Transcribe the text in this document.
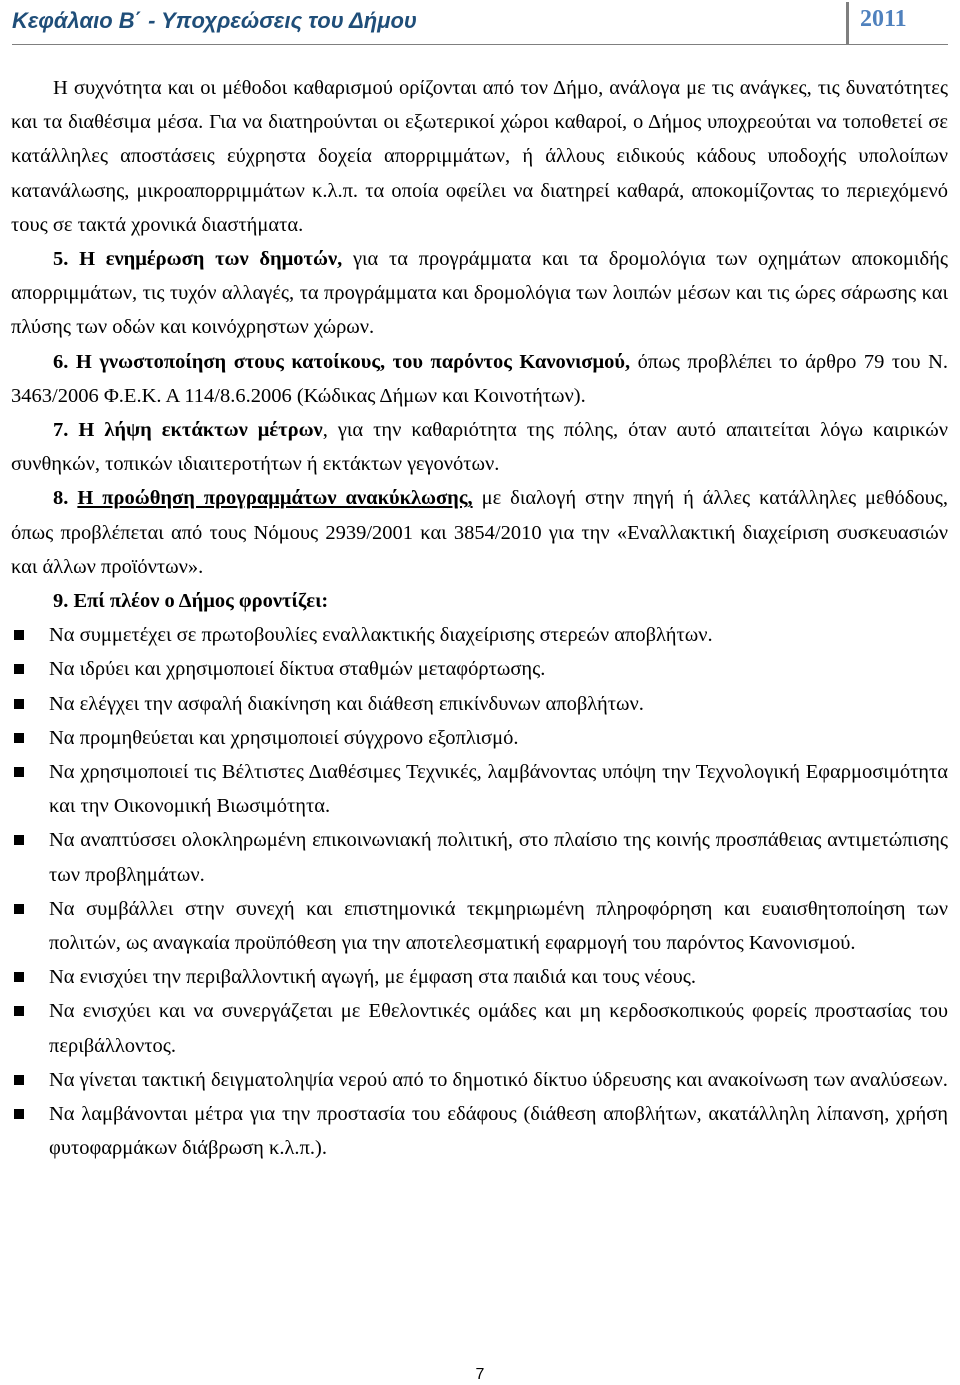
Κεφάλαιο Β΄ - Υποχρεώσεις του Δήμου	2011

Η συχνότητα και οι μέθοδοι καθαρισμού ορίζονται από τον Δήμο, ανάλογα με τις ανάγκες, τις δυνατότητες και τα διαθέσιμα μέσα. Για να διατηρούνται οι εξωτερικοί χώροι καθαροί, ο Δήμος υποχρεούται να τοποθετεί σε κατάλληλες αποστάσεις εύχρηστα δοχεία απορριμμάτων, ή άλλους ειδικούς κάδους υποδοχής υπολοίπων κατανάλωσης, μικροαπορριμμάτων κ.λ.π. τα οποία οφείλει να διατηρεί καθαρά, αποκομίζοντας το περιεχόμενό τους σε τακτά χρονικά διαστήματα.

5. Η ενημέρωση των δημοτών, για τα προγράμματα και τα δρομολόγια των οχημάτων αποκομιδής απορριμμάτων, τις τυχόν αλλαγές, τα προγράμματα και δρομολόγια των λοιπών μέσων και τις ώρες σάρωσης και πλύσης των οδών και κοινόχρηστων χώρων.

6. Η γνωστοποίηση στους κατοίκους, του παρόντος Κανονισμού, όπως προβλέπει το άρθρο 79 του Ν. 3463/2006 Φ.Ε.Κ. Α 114/8.6.2006 (Κώδικας Δήμων και Κοινοτήτων).

7. Η λήψη εκτάκτων μέτρων, για την καθαριότητα της πόλης, όταν αυτό απαιτείται λόγω καιρικών συνθηκών, τοπικών ιδιαιτεροτήτων ή εκτάκτων γεγονότων.

8. Η προώθηση προγραμμάτων ανακύκλωσης, με διαλογή στην πηγή ή άλλες κατάλληλες μεθόδους, όπως προβλέπεται από τους Νόμους 2939/2001 και 3854/2010 για την «Εναλλακτική διαχείριση συσκευασιών και άλλων προϊόντων».

9. Επί πλέον ο Δήμος φροντίζει:

Να συμμετέχει σε πρωτοβουλίες εναλλακτικής διαχείρισης στερεών αποβλήτων.
Να ιδρύει και χρησιμοποιεί δίκτυα σταθμών μεταφόρτωσης.
Να ελέγχει την ασφαλή διακίνηση και διάθεση επικίνδυνων αποβλήτων.
Να προμηθεύεται και χρησιμοποιεί σύγχρονο εξοπλισμό.
Να χρησιμοποιεί τις Βέλτιστες Διαθέσιμες Τεχνικές, λαμβάνοντας υπόψη την Τεχνολογική Εφαρμοσιμότητα και την Οικονομική Βιωσιμότητα.
Να αναπτύσσει ολοκληρωμένη επικοινωνιακή πολιτική, στο πλαίσιο της κοινής προσπάθειας αντιμετώπισης των προβλημάτων.
Να συμβάλλει στην συνεχή και επιστημονικά τεκμηριωμένη πληροφόρηση και ευαισθητοποίηση των πολιτών, ως αναγκαία προϋπόθεση για την αποτελεσματική εφαρμογή του παρόντος Κανονισμού.
Να ενισχύει την περιβαλλοντική αγωγή, με έμφαση στα παιδιά και τους νέους.
Να ενισχύει και να συνεργάζεται με Εθελοντικές ομάδες και μη κερδοσκοπικούς φορείς προστασίας του περιβάλλοντος.
Να γίνεται τακτική δειγματοληψία νερού από το δημοτικό δίκτυο ύδρευσης και ανακοίνωση των αναλύσεων.
Να λαμβάνονται μέτρα για την προστασία του εδάφους (διάθεση αποβλήτων, ακατάλληλη λίπανση, χρήση φυτοφαρμάκων διάβρωση κ.λ.π.).
7
